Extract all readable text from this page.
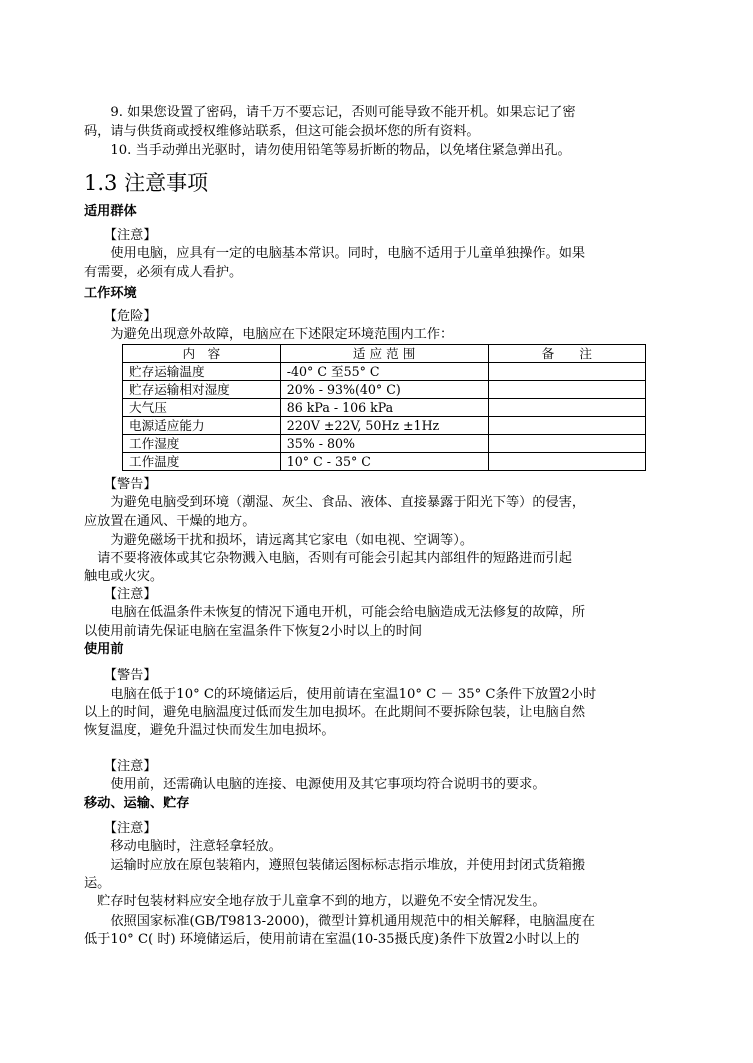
　　9. 如果您设置了密码，请千万不要忘记，否则可能导致不能开机。如果忘记了密
码，请与供货商或授权维修站联系，但这可能会损坏您的所有资料。
　　10. 当手动弹出光驱时，请勿使用铅笔等易折断的物品，以免堵住紧急弹出孔。
1.3 注意事项
适用群体
　　【注意】
　　使用电脑，应具有一定的电脑基本常识。同时，电脑不适用于儿童单独操作。如果
有需要，必须有成人看护。
工作环境
　　【危险】
　　为避免出现意外故障，电脑应在下述限定环境范围内工作：
内　容	适 应 范 围	备　　注
贮存运输温度	-40° C 至55° C	
贮存运输相对湿度	20% - 93%(40° C)	
大气压	86 kPa - 106 kPa	
电源适应能力	220V ±22V, 50Hz ±1Hz	
工作湿度	35% - 80%	
工作温度	10° C - 35° C	
　　【警告】
　　为避免电脑受到环境（潮湿、灰尘、食品、液体、直接暴露于阳光下等）的侵害，
应放置在通风、干燥的地方。
　　为避免磁场干扰和损坏，请远离其它家电（如电视、空调等）。
　请不要将液体或其它杂物溅入电脑，否则有可能会引起其内部组件的短路进而引起
触电或火灾。
　　【注意】
　　电脑在低温条件未恢复的情况下通电开机，可能会给电脑造成无法修复的故障，所
以使用前请先保证电脑在室温条件下恢复2小时以上的时间
使用前
　　【警告】
　　电脑在低于10° C的环境储运后，使用前请在室温10° C － 35° C条件下放置2小时
以上的时间，避免电脑温度过低而发生加电损坏。在此期间不要拆除包装，让电脑自然
恢复温度，避免升温过快而发生加电损坏。
　　【注意】
　　使用前，还需确认电脑的连接、电源使用及其它事项均符合说明书的要求。
移动、运输、贮存
　　【注意】
　　移动电脑时，注意轻拿轻放。
　　运输时应放在原包装箱内，遵照包装储运图标标志指示堆放，并使用封闭式货箱搬
运。
　贮存时包装材料应安全地存放于儿童拿不到的地方，以避免不安全情况发生。
　　依照国家标准(GB/T9813-2000)，微型计算机通用规范中的相关解释，电脑温度在
低于10° C( 时) 环境储运后，使用前请在室温(10-35摄氏度)条件下放置2小时以上的
